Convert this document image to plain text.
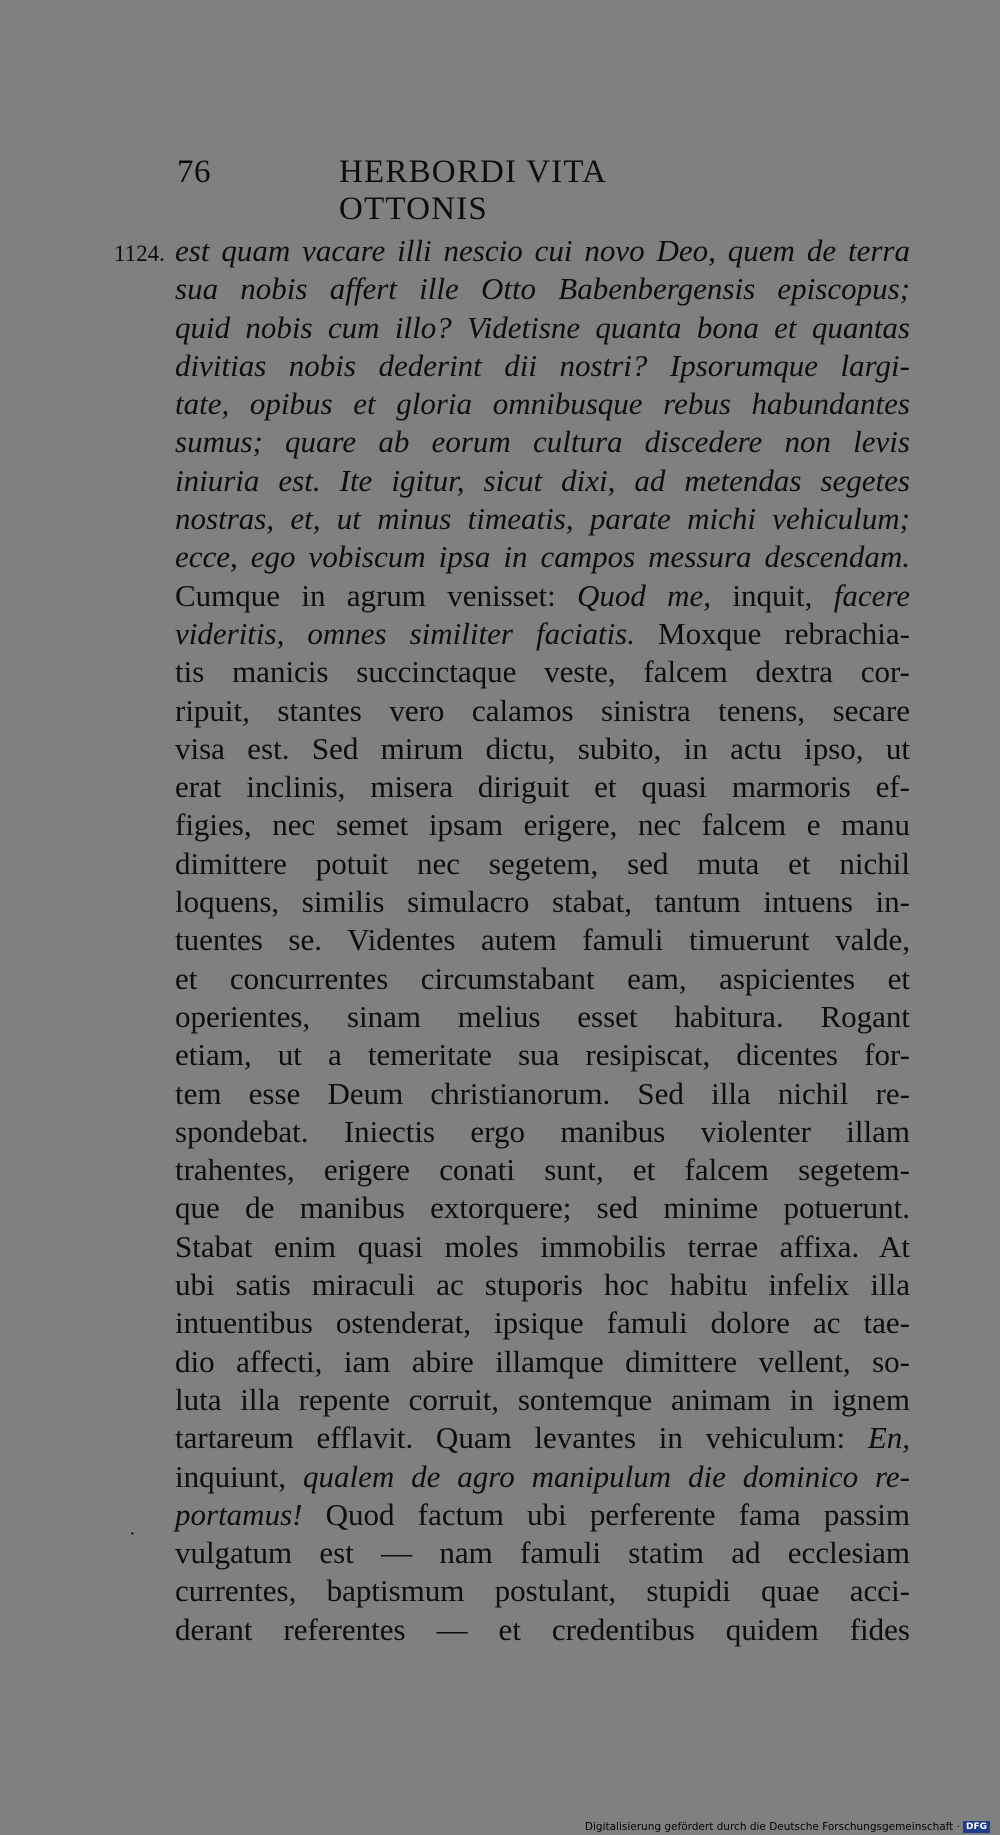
76	HERBORDI VITA OTTONIS
1124. est quam vacare illi nescio cui novo Deo, quem de terra
sua nobis affert ille Otto Babenbergensis episcopus;
quid nobis cum illo? Videtisne quanta bona et quantas
divitias nobis dederint dii nostri? Ipsorumque largi-
tate, opibus et gloria omnibusque rebus habundantes
sumus; quare ab eorum cultura discedere non levis
iniuria est. Ite igitur, sicut dixi, ad metendas segetes
nostras, et, ut minus timeatis, parate michi vehiculum;
ecce, ego vobiscum ipsa in campos messura descendam.
Cumque in agrum venisset: Quod me, inquit, facere
videritis, omnes similiter faciatis. Moxque rebrachia-
tis manicis succinctaque veste, falcem dextra cor-
ripuit, stantes vero calamos sinistra tenens, secare
visa est. Sed mirum dictu, subito, in actu ipso, ut
erat inclinis, misera diriguit et quasi marmoris ef-
figies, nec semet ipsam erigere, nec falcem e manu
dimittere potuit nec segetem, sed muta et nichil
loquens, similis simulacro stabat, tantum intuens in-
tuentes se. Videntes autem famuli timuerunt valde,
et concurrentes circumstabant eam, aspicientes et
operientes, sinam melius esset habitura. Rogant
etiam, ut a temeritate sua resipiscat, dicentes for-
tem esse Deum christianorum. Sed illa nichil re-
spondebat. Iniectis ergo manibus violenter illam
trahentes, erigere conati sunt, et falcem segetem-
que de manibus extorquere; sed minime potuerunt.
Stabat enim quasi moles immobilis terrae affixa. At
ubi satis miraculi ac stuporis hoc habitu infelix illa
intuentibus ostenderat, ipsique famuli dolore ac tae-
dio affecti, iam abire illamque dimittere vellent, so-
luta illa repente corruit, sontemque animam in ignem
tartareum efflavit. Quam levantes in vehiculum: En,
inquiunt, qualem de agro manipulum die dominico re-
portamus! Quod factum ubi perferente fama passim
vulgatum est — nam famuli statim ad ecclesiam
currentes, baptismum postulant, stupidi quae acci-
derant referentes — et credentibus quidem fides
·
Digitalisierung gefördert durch die Deutsche Forschungsgemeinschaft · DFG
